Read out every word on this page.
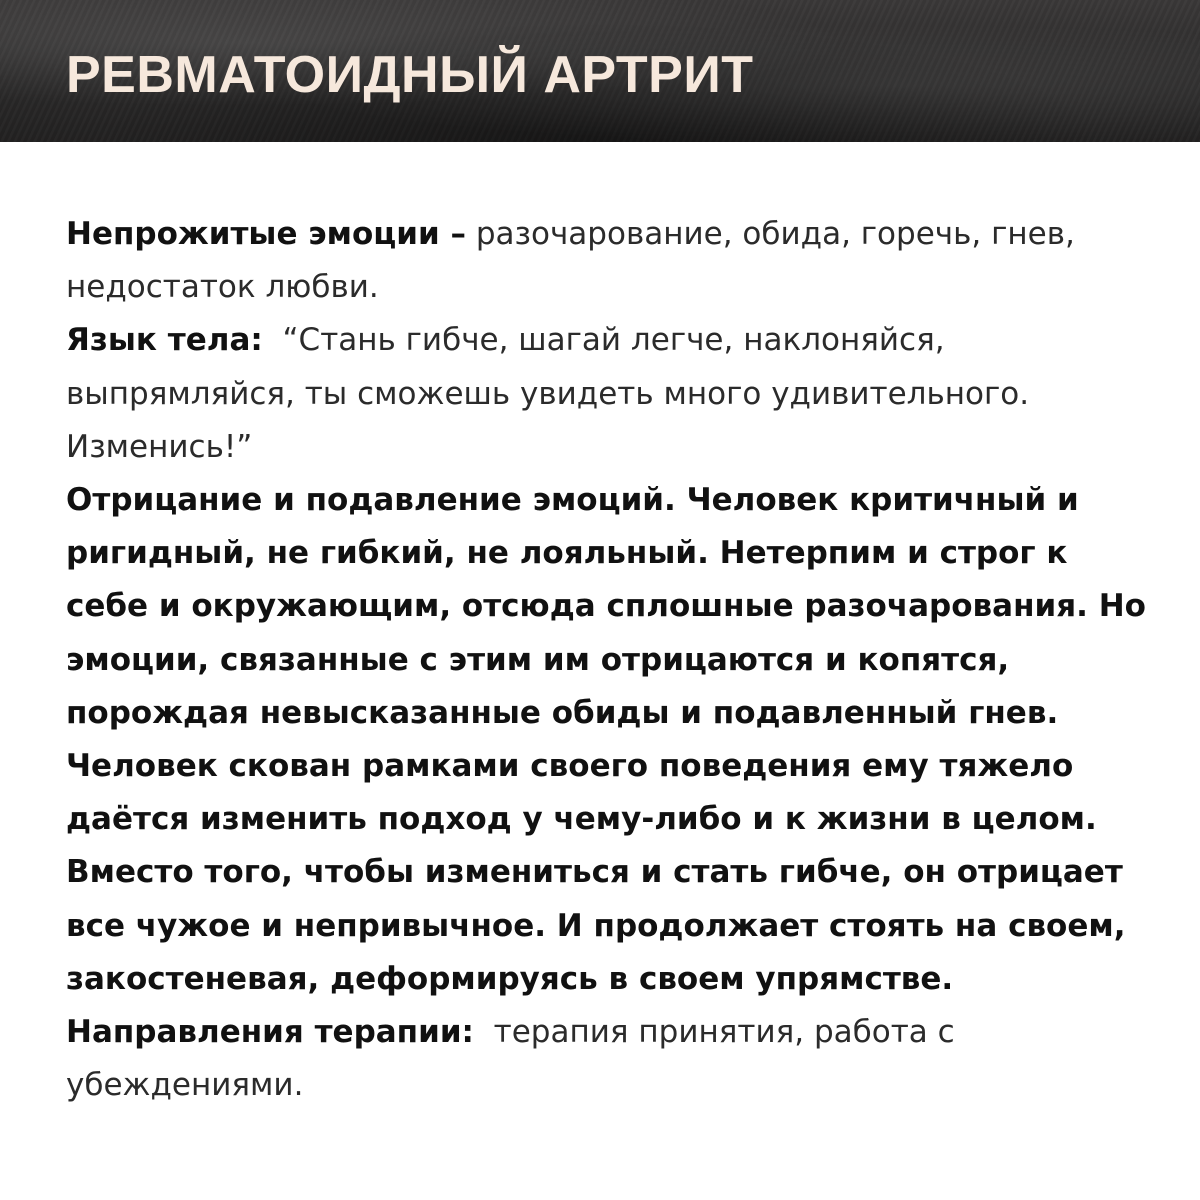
РЕВМАТОИДНЫЙ АРТРИТ

Непрожитые эмоции – разочарование, обида, горечь, гнев, недостаток любви.

Язык тела: “Стань гибче, шагай легче, наклоняйся, выпрямляйся, ты сможешь увидеть много удивительного. Изменись!”

Отрицание и подавление эмоций. Человек критичный и ригидный, не гибкий, не лояльный. Нетерпим и строг к себе и окружающим, отсюда сплошные разочарования. Но эмоции, связанные с этим им отрицаются и копятся, порождая невысказанные обиды и подавленный гнев. Человек скован рамками своего поведения ему тяжело даётся изменить подход у чему-либо и к жизни в целом. Вместо того, чтобы измениться и стать гибче, он отрицает все чужое и непривычное. И продолжает стоять на своем, закостеневая, деформируясь в своем упрямстве.

Направления терапии: терапия принятия, работа с убеждениями.
